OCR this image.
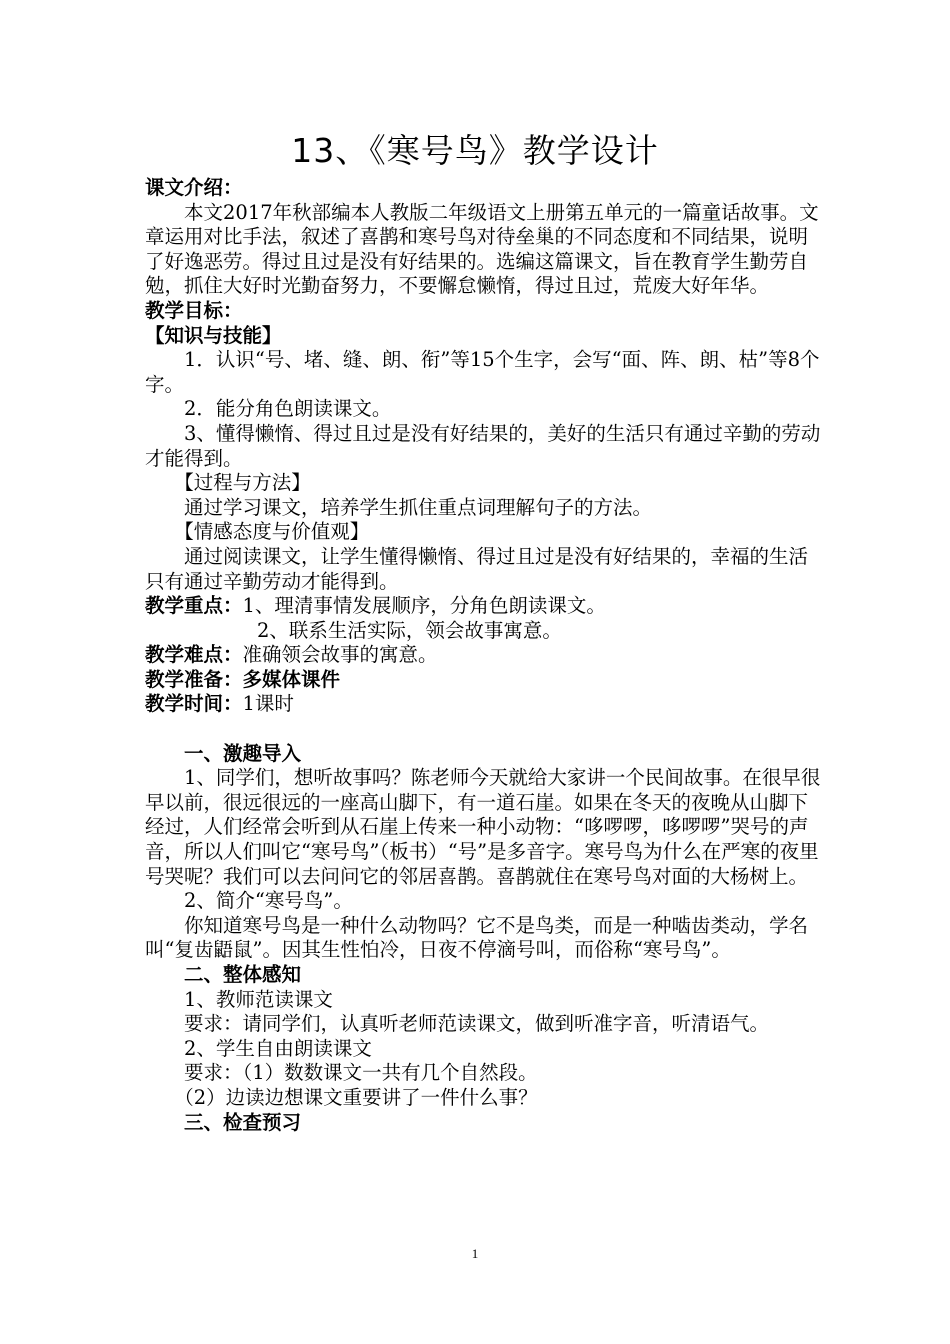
13、《寒号鸟》教学设计

课文介绍：

本文2017年秋部编本人教版二年级语文上册第五单元的一篇童话故事。文章运用对比手法，叙述了喜鹊和寒号鸟对待垒巢的不同态度和不同结果，说明了好逸恶劳。得过且过是没有好结果的。选编这篇课文，旨在教育学生勤劳自勉，抓住大好时光勤奋努力，不要懈怠懒惰，得过且过，荒废大好年华。

教学目标：

【知识与技能】

1．认识“号、堵、缝、朗、衔”等15个生字，会写“面、阵、朗、枯”等8个字。

2．能分角色朗读课文。

3、懂得懒惰、得过且过是没有好结果的，美好的生活只有通过辛勤的劳动才能得到。

【过程与方法】

通过学习课文，培养学生抓住重点词理解句子的方法。

【情感态度与价值观】

通过阅读课文，让学生懂得懒惰、得过且过是没有好结果的，幸福的生活只有通过辛勤劳动才能得到。

教学重点：1、理清事情发展顺序，分角色朗读课文。

2、联系生活实际，领会故事寓意。

教学难点：准确领会故事的寓意。

教学准备：多媒体课件

教学时间：1课时

一、激趣导入

1、同学们，想听故事吗？陈老师今天就给大家讲一个民间故事。在很早很早以前，很远很远的一座高山脚下，有一道石崖。如果在冬天的夜晚从山脚下经过，人们经常会听到从石崖上传来一种小动物：“哆啰啰，哆啰啰”哭号的声音，所以人们叫它“寒号鸟”（板书）“号”是多音字。寒号鸟为什么在严寒的夜里号哭呢？我们可以去问问它的邻居喜鹊。喜鹊就住在寒号鸟对面的大杨树上。

2、简介“寒号鸟”。

你知道寒号鸟是一种什么动物吗？它不是鸟类，而是一种啮齿类动，学名叫“复齿鼯鼠”。因其生性怕冷，日夜不停滴号叫，而俗称“寒号鸟”。

二、整体感知

1、教师范读课文

要求：请同学们，认真听老师范读课文，做到听准字音，听清语气。

2、学生自由朗读课文

要求：（1）数数课文一共有几个自然段。

（2）边读边想课文重要讲了一件什么事？

三、检查预习

1
